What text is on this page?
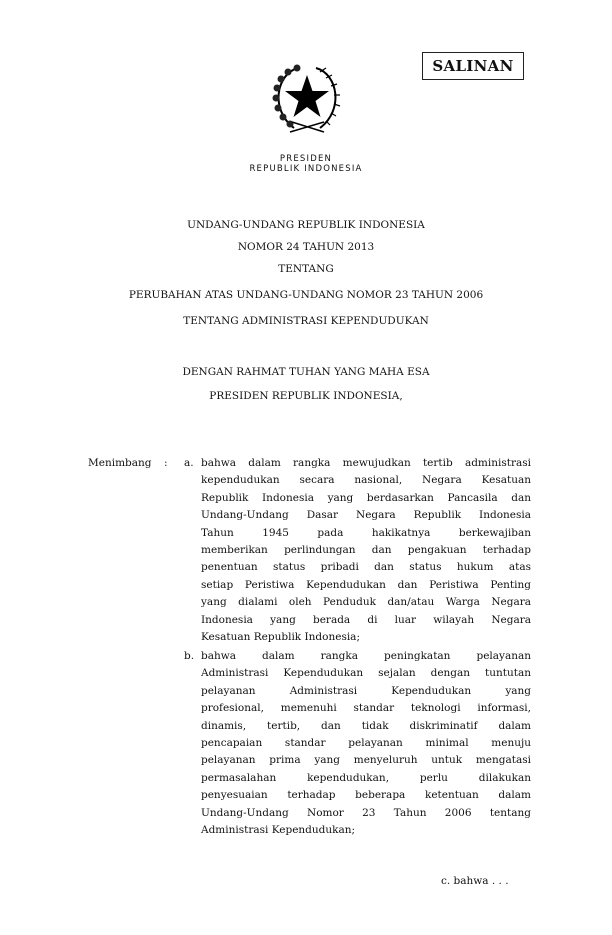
SALINAN
PRESIDEN
REPUBLIK INDONESIA
UNDANG-UNDANG REPUBLIK INDONESIA
NOMOR 24 TAHUN 2013
TENTANG
PERUBAHAN ATAS UNDANG-UNDANG NOMOR 23 TAHUN 2006
TENTANG ADMINISTRASI KEPENDUDUKAN
DENGAN RAHMAT TUHAN YANG MAHA ESA
PRESIDEN REPUBLIK INDONESIA,
Menimbang : a. bahwa dalam rangka mewujudkan tertib administrasi
kependudukan secara nasional, Negara Kesatuan
Republik Indonesia yang berdasarkan Pancasila dan
Undang-Undang Dasar Negara Republik Indonesia
Tahun 1945 pada hakikatnya berkewajiban
memberikan perlindungan dan pengakuan terhadap
penentuan status pribadi dan status hukum atas
setiap Peristiwa Kependudukan dan Peristiwa Penting
yang dialami oleh Penduduk dan/atau Warga Negara
Indonesia yang berada di luar wilayah Negara
Kesatuan Republik Indonesia;
b. bahwa dalam rangka peningkatan pelayanan
Administrasi Kependudukan sejalan dengan tuntutan
pelayanan Administrasi Kependudukan yang
profesional, memenuhi standar teknologi informasi,
dinamis, tertib, dan tidak diskriminatif dalam
pencapaian standar pelayanan minimal menuju
pelayanan prima yang menyeluruh untuk mengatasi
permasalahan kependudukan, perlu dilakukan
penyesuaian terhadap beberapa ketentuan dalam
Undang-Undang Nomor 23 Tahun 2006 tentang
Administrasi Kependudukan;
c. bahwa . . .
